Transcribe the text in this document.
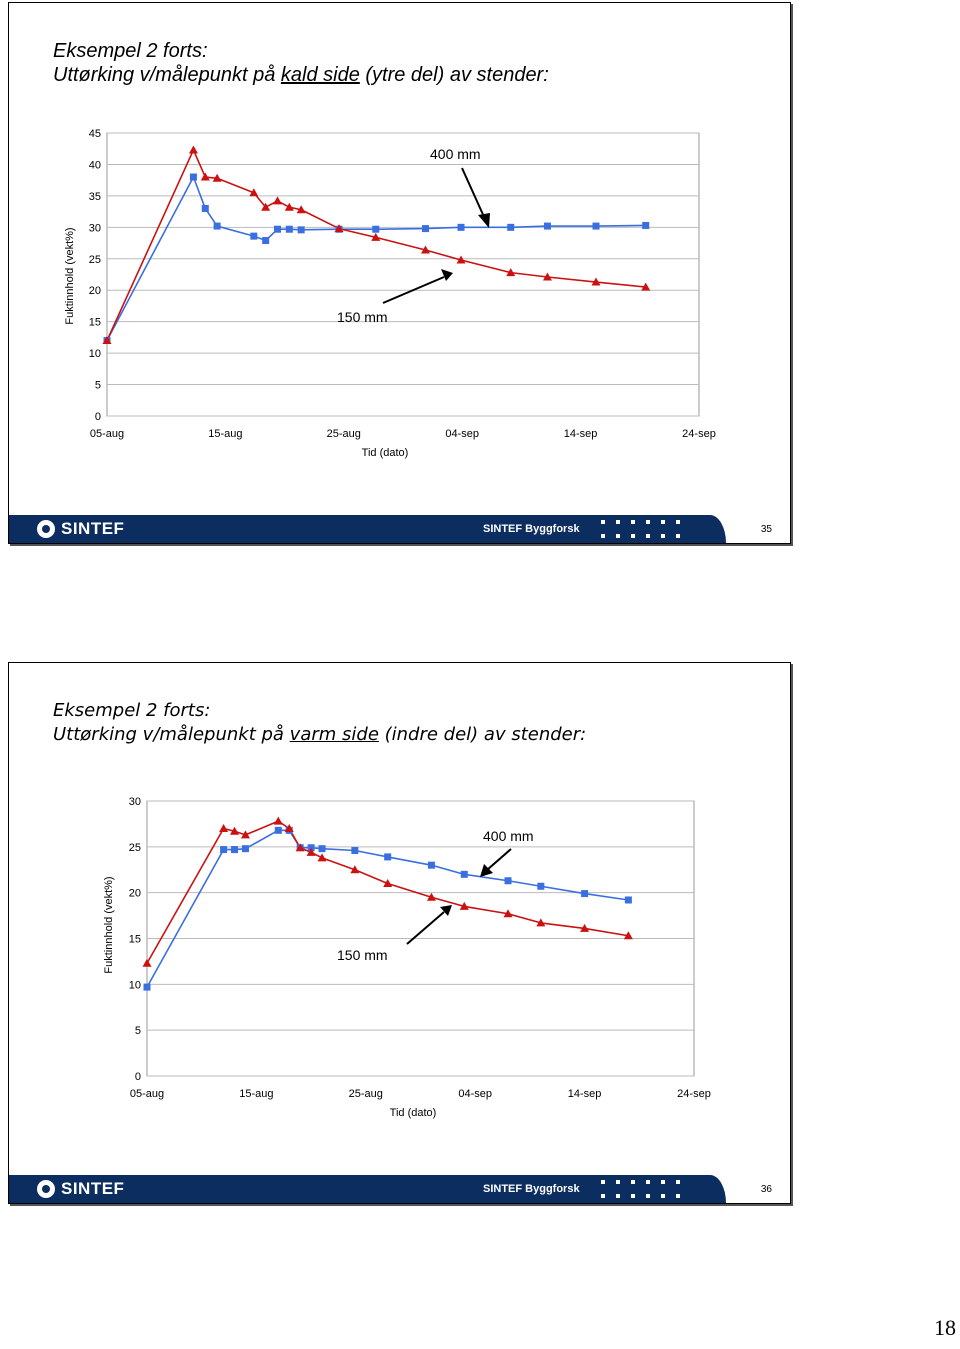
Eksempel 2 forts:
Uttørking v/målepunkt på kald side (ytre del) av stender:
0
5
10
15
20
25
30
35
40
45
05-aug	15-aug	25-aug	04-sep	14-sep	24-sep
Fuktinnhold (vekt%)
Tid (dato)
400 mm
150 mm
SINTEF	SINTEF Byggforsk	35
Eksempel 2 forts:
Uttørking v/målepunkt på varm side (indre del) av stender:
0
5
10
15
20
25
30
05-aug	15-aug	25-aug	04-sep	14-sep	24-sep
Fuktinnhold (vekt%)
Tid (dato)
400 mm
150 mm
SINTEF	SINTEF Byggforsk	36
18
